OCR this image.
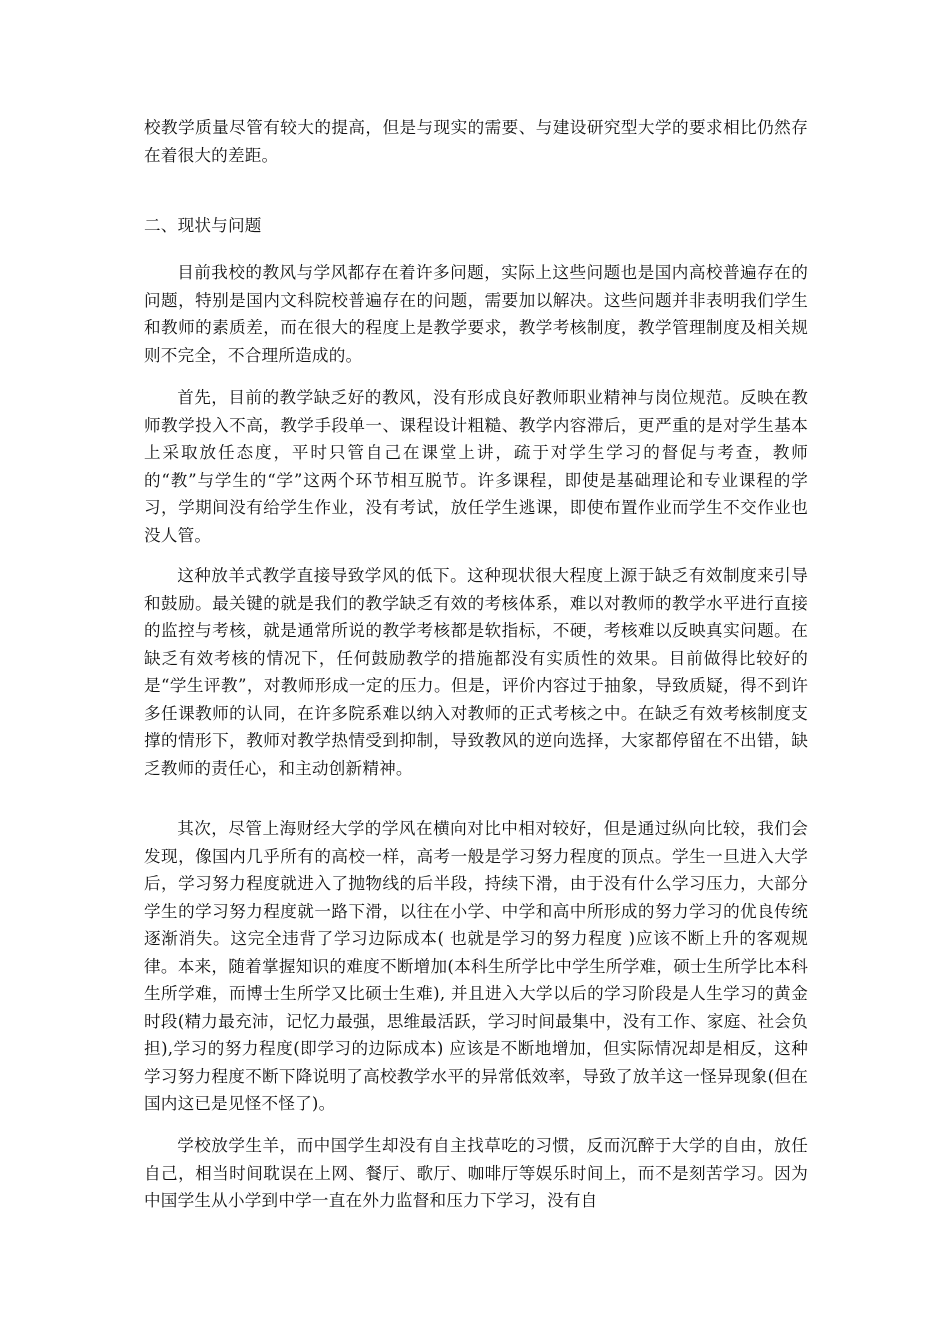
校教学质量尽管有较大的提高，但是与现实的需要、与建设研究型大学的要求相比仍然存在着很大的差距。

二、现状与问题

目前我校的教风与学风都存在着许多问题，实际上这些问题也是国内高校普遍存在的问题，特别是国内文科院校普遍存在的问题，需要加以解决。这些问题并非表明我们学生和教师的素质差，而在很大的程度上是教学要求，教学考核制度，教学管理制度及相关规则不完全，不合理所造成的。

首先，目前的教学缺乏好的教风，没有形成良好教师职业精神与岗位规范。反映在教师教学投入不高，教学手段单一、课程设计粗糙、教学内容滞后，更严重的是对学生基本上采取放任态度，平时只管自己在课堂上讲，疏于对学生学习的督促与考查，教师的“教”与学生的“学”这两个环节相互脱节。许多课程，即使是基础理论和专业课程的学习，学期间没有给学生作业，没有考试，放任学生逃课，即使布置作业而学生不交作业也没人管。

这种放羊式教学直接导致学风的低下。这种现状很大程度上源于缺乏有效制度来引导和鼓励。最关键的就是我们的教学缺乏有效的考核体系，难以对教师的教学水平进行直接的监控与考核，就是通常所说的教学考核都是软指标，不硬，考核难以反映真实问题。在缺乏有效考核的情况下，任何鼓励教学的措施都没有实质性的效果。目前做得比较好的是“学生评教”，对教师形成一定的压力。但是，评价内容过于抽象，导致质疑，得不到许多任课教师的认同，在许多院系难以纳入对教师的正式考核之中。在缺乏有效考核制度支撑的情形下，教师对教学热情受到抑制，导致教风的逆向选择，大家都停留在不出错，缺乏教师的责任心，和主动创新精神。

其次，尽管上海财经大学的学风在横向对比中相对较好，但是通过纵向比较，我们会发现，像国内几乎所有的高校一样，高考一般是学习努力程度的顶点。学生一旦进入大学后，学习努力程度就进入了抛物线的后半段，持续下滑，由于没有什么学习压力，大部分学生的学习努力程度就一路下滑，以往在小学、中学和高中所形成的努力学习的优良传统逐渐消失。这完全违背了学习边际成本( 也就是学习的努力程度 )应该不断上升的客观规律。本来，随着掌握知识的难度不断增加(本科生所学比中学生所学难，硕士生所学比本科生所学难，而博士生所学又比硕士生难), 并且进入大学以后的学习阶段是人生学习的黄金时段(精力最充沛，记忆力最强，思维最活跃，学习时间最集中，没有工作、家庭、社会负担),学习的努力程度(即学习的边际成本) 应该是不断地增加，但实际情况却是相反，这种学习努力程度不断下降说明了高校教学水平的异常低效率，导致了放羊这一怪异现象(但在国内这已是见怪不怪了)。

学校放学生羊，而中国学生却没有自主找草吃的习惯，反而沉醉于大学的自由，放任自己，相当时间耽误在上网、餐厅、歌厅、咖啡厅等娱乐时间上，而不是刻苦学习。因为中国学生从小学到中学一直在外力监督和压力下学习，没有自
